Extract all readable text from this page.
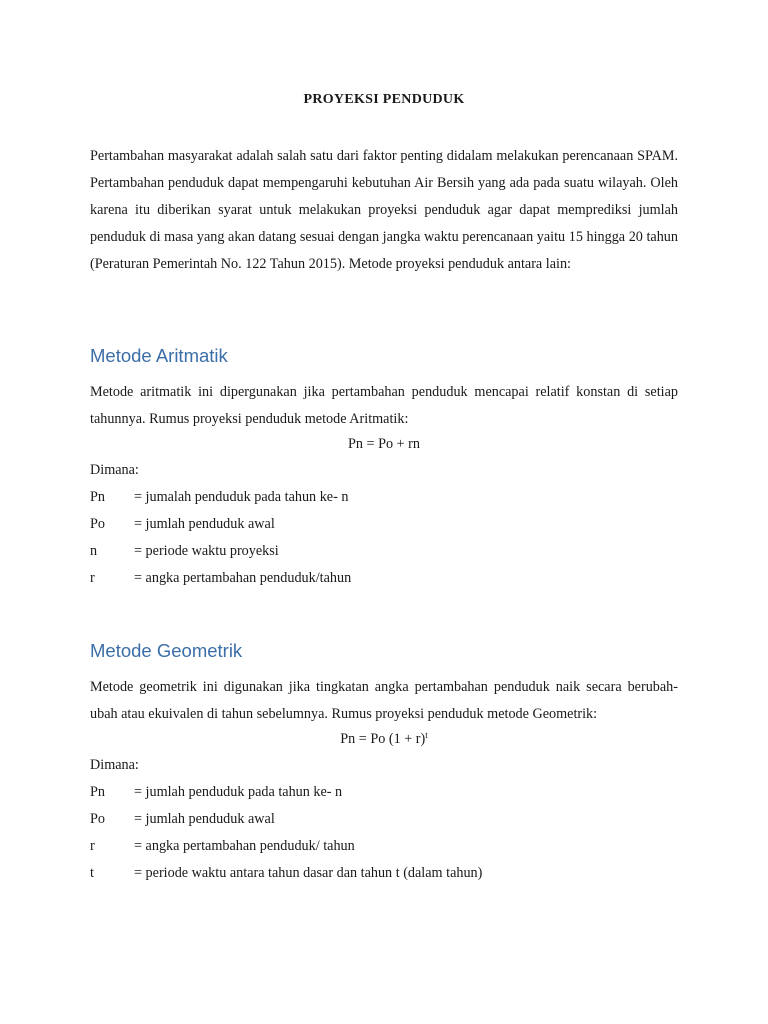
PROYEKSI PENDUDUK
Pertambahan masyarakat adalah salah satu dari faktor penting didalam melakukan perencanaan SPAM. Pertambahan penduduk dapat mempengaruhi kebutuhan Air Bersih yang ada pada suatu wilayah. Oleh karena itu diberikan syarat untuk melakukan proyeksi penduduk agar dapat memprediksi jumlah penduduk di masa yang akan datang sesuai dengan jangka waktu perencanaan yaitu 15 hingga 20 tahun (Peraturan Pemerintah No. 122 Tahun 2015). Metode proyeksi penduduk antara lain:
Metode Aritmatik
Metode aritmatik ini dipergunakan jika pertambahan penduduk mencapai relatif konstan di setiap tahunnya. Rumus proyeksi penduduk metode Aritmatik:
Pn = Po + rn
Dimana:
Pn = jumalah penduduk pada tahun ke- n
Po = jumlah penduduk awal
n	= periode waktu proyeksi
r	= angka pertambahan penduduk/tahun
Metode Geometrik
Metode geometrik ini digunakan jika tingkatan angka pertambahan penduduk naik secara berubah-ubah atau ekuivalen di tahun sebelumnya. Rumus proyeksi penduduk metode Geometrik:
Pn = Po $(1 + r)^t$
Dimana:
Pn = jumlah penduduk pada tahun ke- n
Po = jumlah penduduk awal
r	= angka pertambahan penduduk/ tahun
t	= periode waktu antara tahun dasar dan tahun t (dalam tahun)
